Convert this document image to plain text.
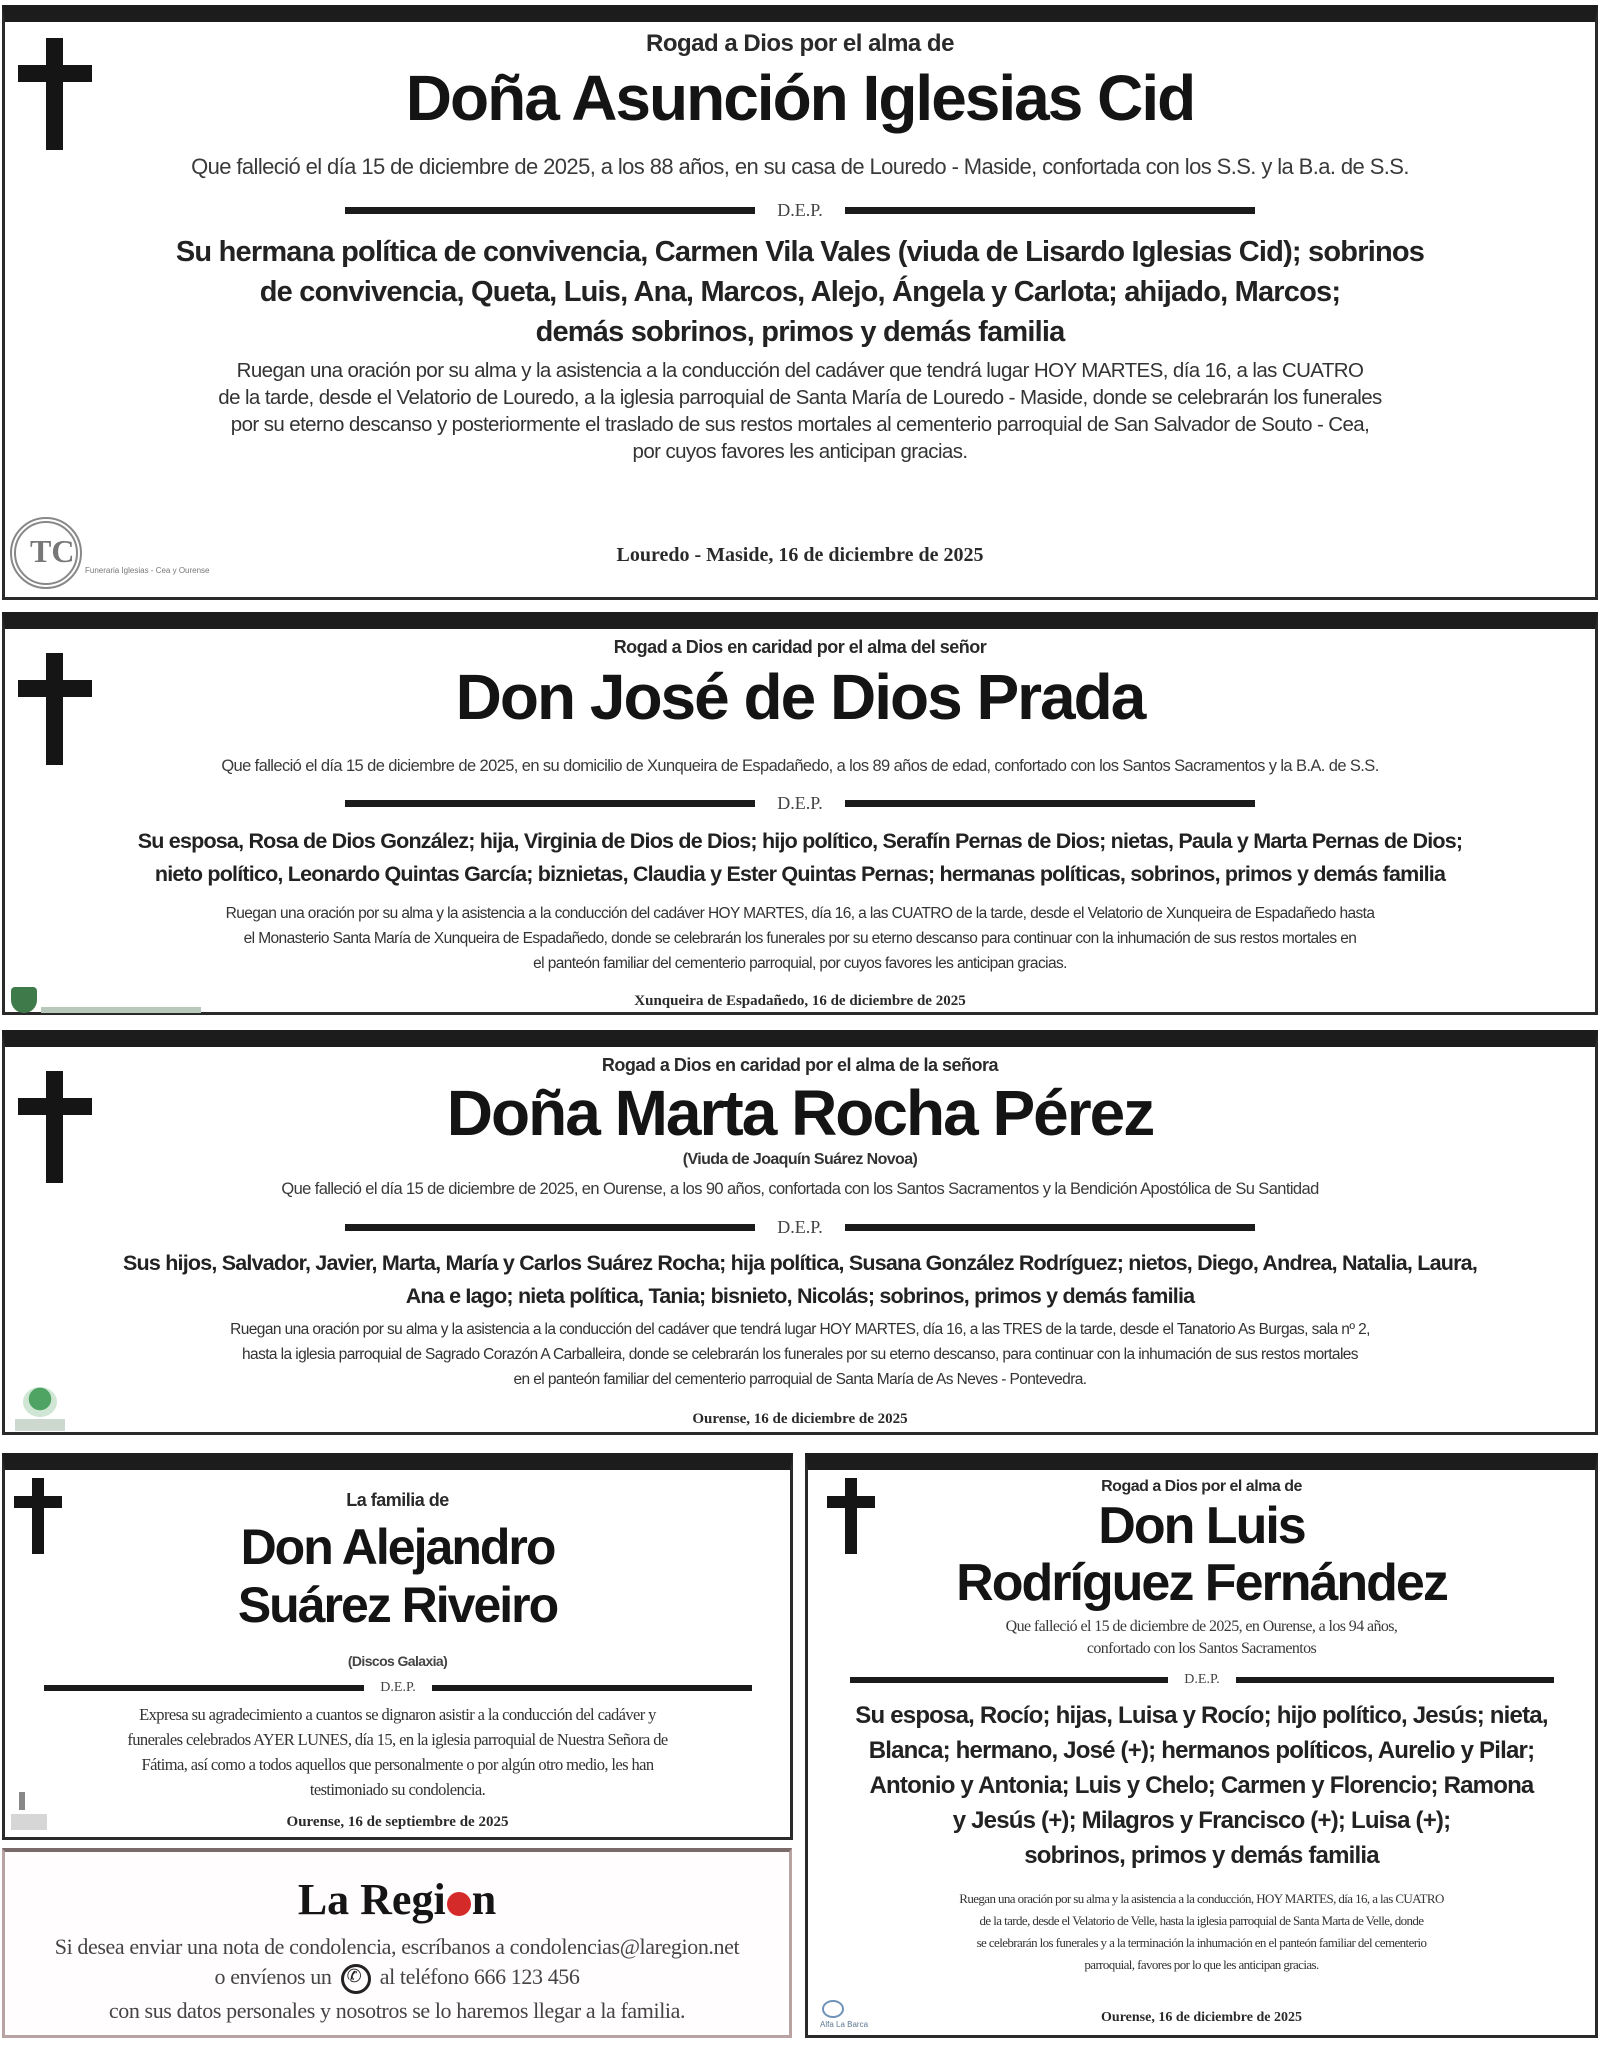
Rogad a Dios por el alma de
Doña Asunción Iglesias Cid
Que falleció el día 15 de diciembre de 2025, a los 88 años, en su casa de Louredo - Maside, confortada con los S.S. y la B.a. de S.S.
D.E.P.
Su hermana política de convivencia, Carmen Vila Vales (viuda de Lisardo Iglesias Cid); sobrinos
de convivencia, Queta, Luis, Ana, Marcos, Alejo, Ángela y Carlota; ahijado, Marcos;
demás sobrinos, primos y demás familia
Ruegan una oración por su alma y la asistencia a la conducción del cadáver que tendrá lugar HOY MARTES, día 16, a las CUATRO
de la tarde, desde el Velatorio de Louredo, a la iglesia parroquial de Santa María de Louredo - Maside, donde se celebrarán los funerales
por su eterno descanso y posteriormente el traslado de sus restos mortales al cementerio parroquial de San Salvador de Souto - Cea,
por cuyos favores les anticipan gracias.
Louredo - Maside, 16 de diciembre de 2025
TC
Funeraria Iglesias - Cea y Ourense
Rogad a Dios en caridad por el alma del señor
Don José de Dios Prada
Que falleció el día 15 de diciembre de 2025, en su domicilio de Xunqueira de Espadañedo, a los 89 años de edad, confortado con los Santos Sacramentos y la B.A. de S.S.
D.E.P.
Su esposa, Rosa de Dios González; hija, Virginia de Dios de Dios; hijo político, Serafín Pernas de Dios; nietas, Paula y Marta Pernas de Dios;
nieto político, Leonardo Quintas García; biznietas, Claudia y Ester Quintas Pernas; hermanas políticas, sobrinos, primos y demás familia
Ruegan una oración por su alma y la asistencia a la conducción del cadáver HOY MARTES, día 16, a las CUATRO de la tarde, desde el Velatorio de Xunqueira de Espadañedo hasta
el Monasterio Santa María de Xunqueira de Espadañedo, donde se celebrarán los funerales por su eterno descanso para continuar con la inhumación de sus restos mortales en
el panteón familiar del cementerio parroquial, por cuyos favores les anticipan gracias.
Xunqueira de Espadañedo, 16 de diciembre de 2025
Rogad a Dios en caridad por el alma de la señora
Doña Marta Rocha Pérez
(Viuda de Joaquín Suárez Novoa)
Que falleció el día 15 de diciembre de 2025, en Ourense, a los 90 años, confortada con los Santos Sacramentos y la Bendición Apostólica de Su Santidad
D.E.P.
Sus hijos, Salvador, Javier, Marta, María y Carlos Suárez Rocha; hija política, Susana González Rodríguez; nietos, Diego, Andrea, Natalia, Laura,
Ana e Iago; nieta política, Tania; bisnieto, Nicolás; sobrinos, primos y demás familia
Ruegan una oración por su alma y la asistencia a la conducción del cadáver que tendrá lugar HOY MARTES, día 16, a las TRES de la tarde, desde el Tanatorio As Burgas, sala nº 2,
hasta la iglesia parroquial de Sagrado Corazón A Carballeira, donde se celebrarán los funerales por su eterno descanso, para continuar con la inhumación de sus restos mortales
en el panteón familiar del cementerio parroquial de Santa María de As Neves - Pontevedra.
Ourense, 16 de diciembre de 2025
La familia de
Don Alejandro
Suárez Riveiro
(Discos Galaxia)
D.E.P.
Expresa su agradecimiento a cuantos se dignaron asistir a la conducción del cadáver y
funerales celebrados AYER LUNES, día 15, en la iglesia parroquial de Nuestra Señora de
Fátima, así como a todos aquellos que personalmente o por algún otro medio, les han
testimoniado su condolencia.
Ourense, 16 de septiembre de 2025
La Regi n
Si desea enviar una nota de condolencia, escríbanos a condolencias@laregion.net
o envíenos un ✆ al teléfono 666 123 456
con sus datos personales y nosotros se lo haremos llegar a la familia.
Rogad a Dios por el alma de
Don Luis
Rodríguez Fernández
Que falleció el 15 de diciembre de 2025, en Ourense, a los 94 años,
confortado con los Santos Sacramentos
D.E.P.
Su esposa, Rocío; hijas, Luisa y Rocío; hijo político, Jesús; nieta,
Blanca; hermano, José (+); hermanos políticos, Aurelio y Pilar;
Antonio y Antonia; Luis y Chelo; Carmen y Florencio; Ramona
y Jesús (+); Milagros y Francisco (+); Luisa (+);
sobrinos, primos y demás familia
Ruegan una oración por su alma y la asistencia a la conducción, HOY MARTES, día 16, a las CUATRO
de la tarde, desde el Velatorio de Velle, hasta la iglesia parroquial de Santa Marta de Velle, donde
se celebrarán los funerales y a la terminación la inhumación en el panteón familiar del cementerio
parroquial, favores por lo que les anticipan gracias.
Ourense, 16 de diciembre de 2025
Alfa La Barca
